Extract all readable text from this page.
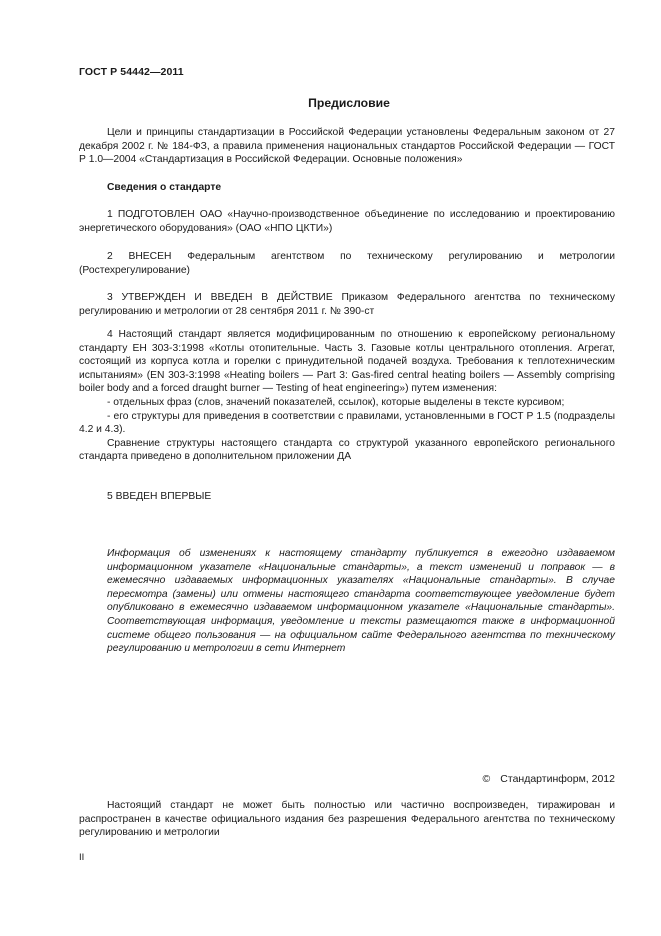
ГОСТ Р 54442—2011
Предисловие

Цели и принципы стандартизации в Российской Федерации установлены Федеральным законом от 27 декабря 2002 г. № 184-ФЗ, а правила применения национальных стандартов Российской Федерации — ГОСТ Р 1.0—2004 «Стандартизация в Российской Федерации. Основные положения»

Сведения о стандарте

1 ПОДГОТОВЛЕН ОАО «Научно-производственное объединение по исследованию и проектированию энергетического оборудования» (ОАО «НПО ЦКТИ»)

2 ВНЕСЕН Федеральным агентством по техническому регулированию и метрологии (Ростехрегулирование)

3 УТВЕРЖДЕН И ВВЕДЕН В ДЕЙСТВИЕ Приказом Федерального агентства по техническому регулированию и метрологии от 28 сентября 2011 г. № 390-ст

4 Настоящий стандарт является модифицированным по отношению к европейскому региональному стандарту ЕН 303-3:1998 «Котлы отопительные. Часть 3. Газовые котлы центрального отопления. Агрегат, состоящий из корпуса котла и горелки с принудительной подачей воздуха. Требования к теплотехническим испытаниям» (EN 303-3:1998 «Heating boilers — Part 3: Gas-fired central heating boilers — Assembly comprising boiler body and a forced draught burner — Testing of heat engineering») путем изменения:

- отдельных фраз (слов, значений показателей, ссылок), которые выделены в тексте курсивом;

- его структуры для приведения в соответствии с правилами, установленными в ГОСТ Р 1.5 (подразделы 4.2 и 4.3).

Сравнение структуры настоящего стандарта со структурой указанного европейского регионального стандарта приведено в дополнительном приложении ДА

5 ВВЕДЕН ВПЕРВЫЕ

Информация об изменениях к настоящему стандарту публикуется в ежегодно издаваемом информационном указателе «Национальные стандарты», а текст изменений и поправок — в ежемесячно издаваемых информационных указателях «Национальные стандарты». В случае пересмотра (замены) или отмены настоящего стандарта соответствующее уведомление будет опубликовано в ежемесячно издаваемом информационном указателе «Национальные стандарты». Соответствующая информация, уведомление и тексты размещаются также в информационной системе общего пользования — на официальном сайте Федерального агентства по техническому регулированию и метрологии в сети Интернет

© Стандартинформ, 2012

Настоящий стандарт не может быть полностью или частично воспроизведен, тиражирован и распространен в качестве официального издания без разрешения Федерального агентства по техническому регулированию и метрологии

II
